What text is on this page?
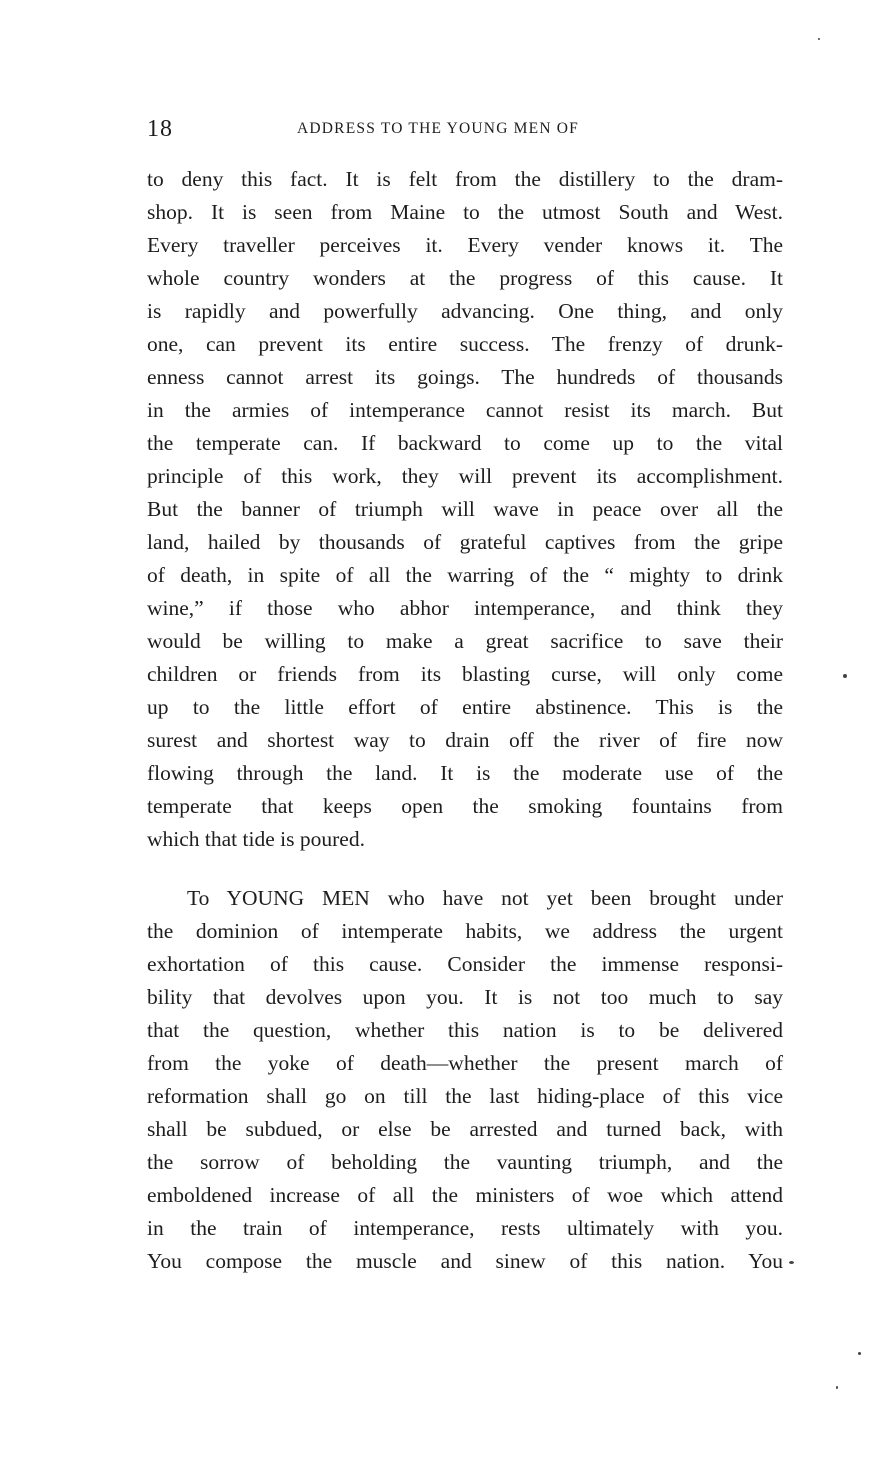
18	ADDRESS TO THE YOUNG MEN OF
to deny this fact. It is felt from the distillery to the dram-
shop. It is seen from Maine to the utmost South and West.
Every traveller perceives it. Every vender knows it. The
whole country wonders at the progress of this cause. It
is rapidly and powerfully advancing. One thing, and only
one, can prevent its entire success. The frenzy of drunk-
enness cannot arrest its goings. The hundreds of thousands
in the armies of intemperance cannot resist its march. But
the temperate can. If backward to come up to the vital
principle of this work, they will prevent its accomplishment.
But the banner of triumph will wave in peace over all the
land, hailed by thousands of grateful captives from the gripe
of death, in spite of all the warring of the “ mighty to drink
wine,” if those who abhor intemperance, and think they
would be willing to make a great sacrifice to save their
children or friends from its blasting curse, will only come
up to the little effort of entire abstinence. This is the
surest and shortest way to drain off the river of fire now
flowing through the land. It is the moderate use of the
temperate that keeps open the smoking fountains from
which that tide is poured.
To YOUNG MEN who have not yet been brought under
the dominion of intemperate habits, we address the urgent
exhortation of this cause. Consider the immense responsi-
bility that devolves upon you. It is not too much to say
that the question, whether this nation is to be delivered
from the yoke of death—whether the present march of
reformation shall go on till the last hiding-place of this vice
shall be subdued, or else be arrested and turned back, with
the sorrow of beholding the vaunting triumph, and the
emboldened increase of all the ministers of woe which attend
in the train of intemperance, rests ultimately with you.
You compose the muscle and sinew of this nation. You
